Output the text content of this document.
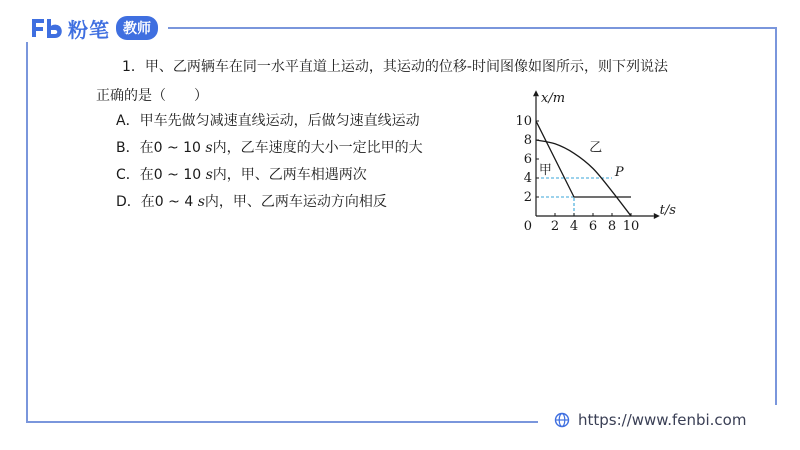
粉笔 教师
1．甲、乙两辆车在同一水平直道上运动，其运动的位移-时间图像如图所示，则下列说法
正确的是（　　）
A．甲车先做匀减速直线运动，后做匀速直线运动
B．在0 ~ 10 s内，乙车速度的大小一定比甲的大
C．在0 ~ 10 s内，甲、乙两车相遇两次
D．在0 ~ 4 s内，甲、乙两车运动方向相反
2 4 6 8 10
10
8
6
4
2
x/m
t/s
0
甲
乙
P
https://www.fenbi.com
